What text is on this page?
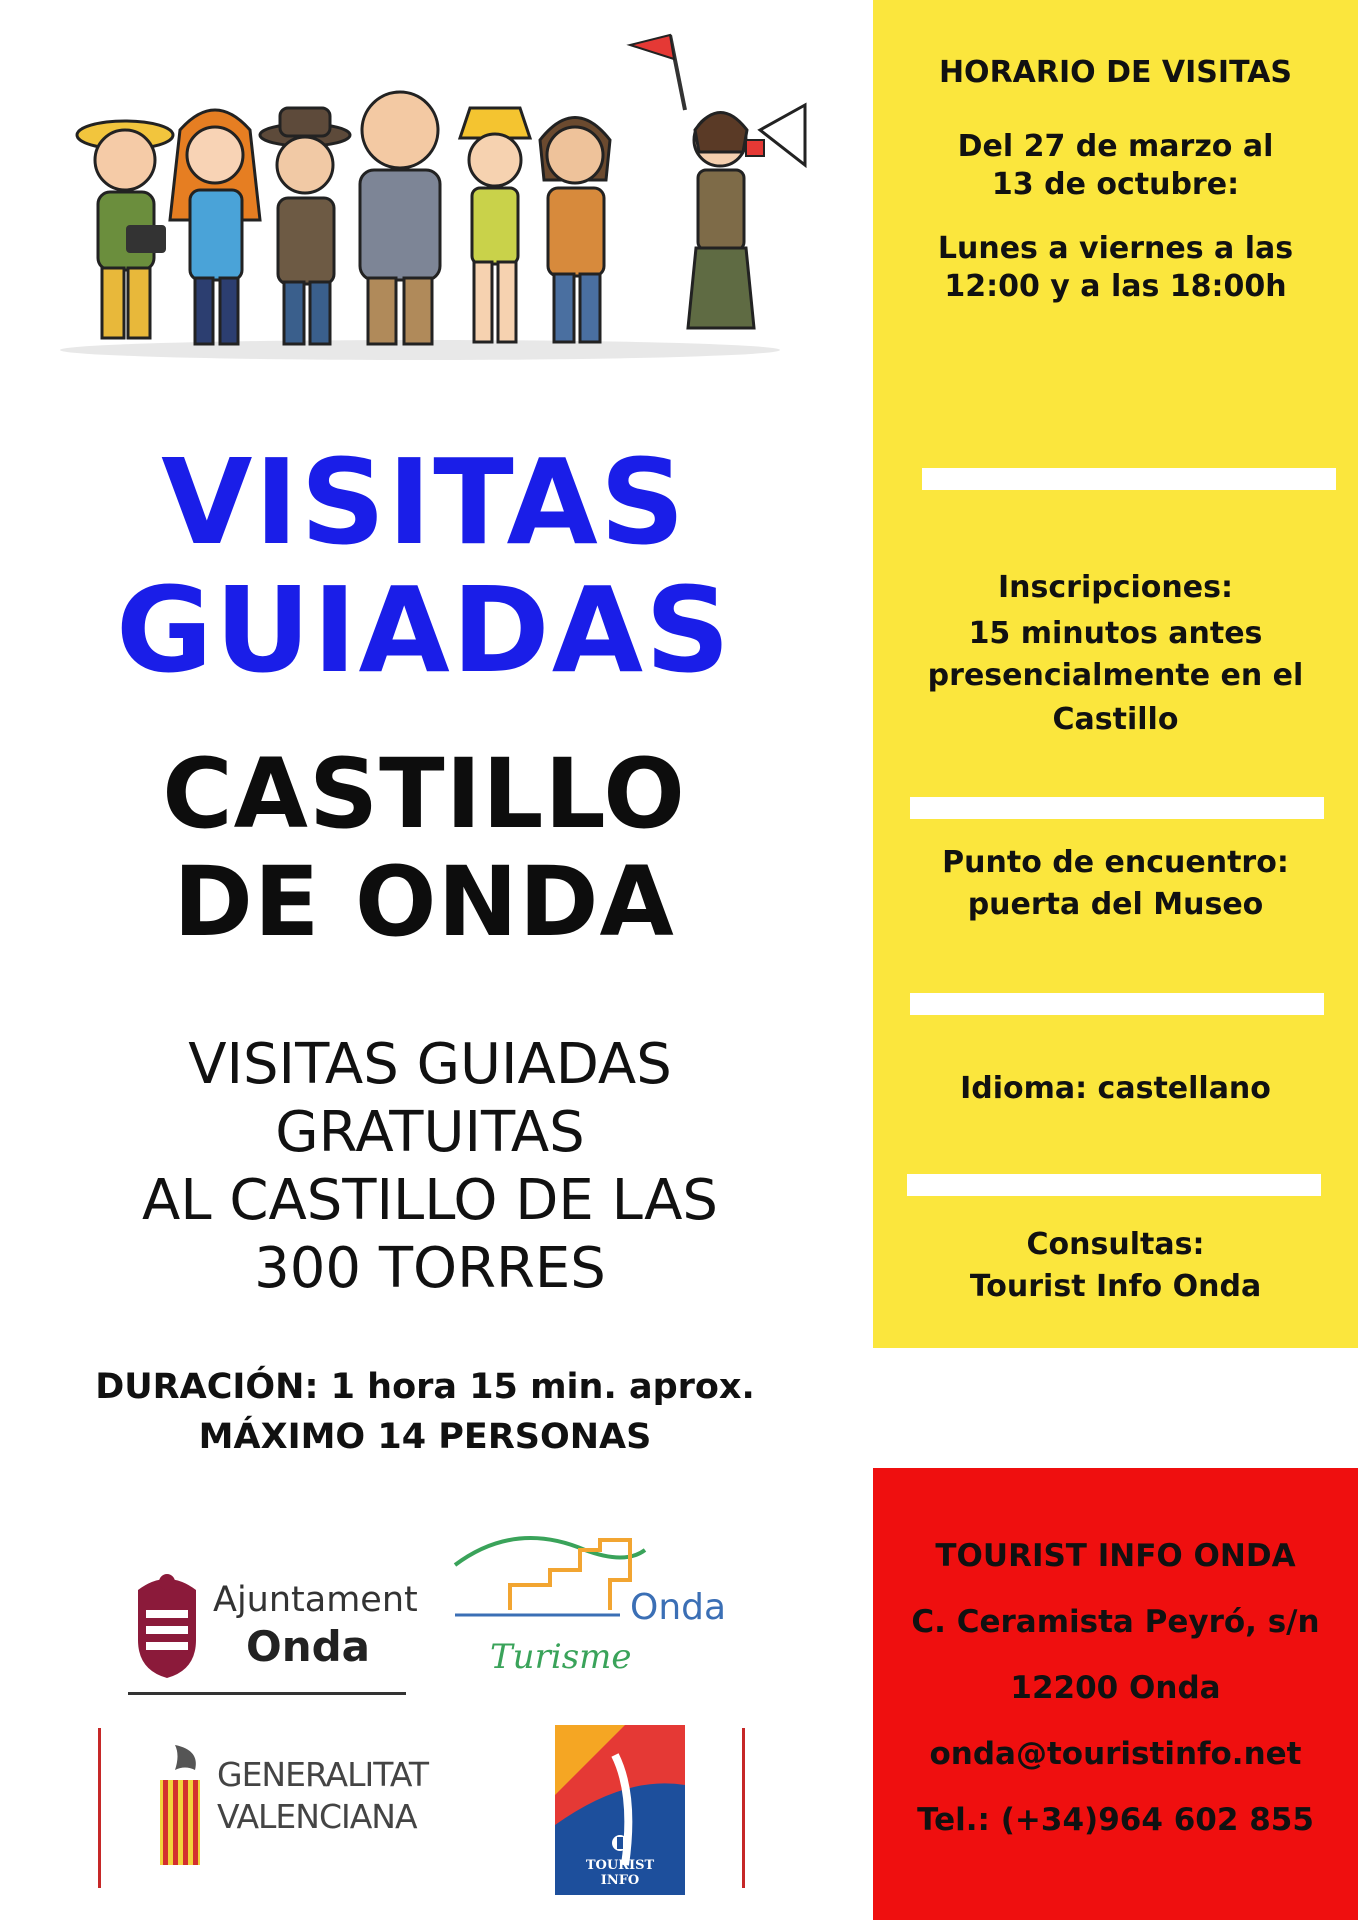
VISITAS
GUIADAS
CASTILLO
DE ONDA
VISITAS GUIADAS
GRATUITAS
AL CASTILLO DE LAS
300 TORRES
DURACIÓN: 1 hora 15 min. aprox.
MÁXIMO 14 PERSONAS
Ajuntament
Onda
Onda
Turisme
GENERALITAT
VALENCIANA
TOURIST
INFO
HORARIO DE VISITAS
Del 27 de marzo al
13 de octubre:
Lunes a viernes a las
12:00 y a las 18:00h
Inscripciones:
15 minutos antes
presencialmente en el
Castillo
Punto de encuentro:
puerta del Museo
Idioma: castellano
Consultas:
Tourist Info Onda
TOURIST INFO ONDA
C. Ceramista Peyró, s/n
12200 Onda
onda@touristinfo.net
Tel.: (+34)964 602 855
